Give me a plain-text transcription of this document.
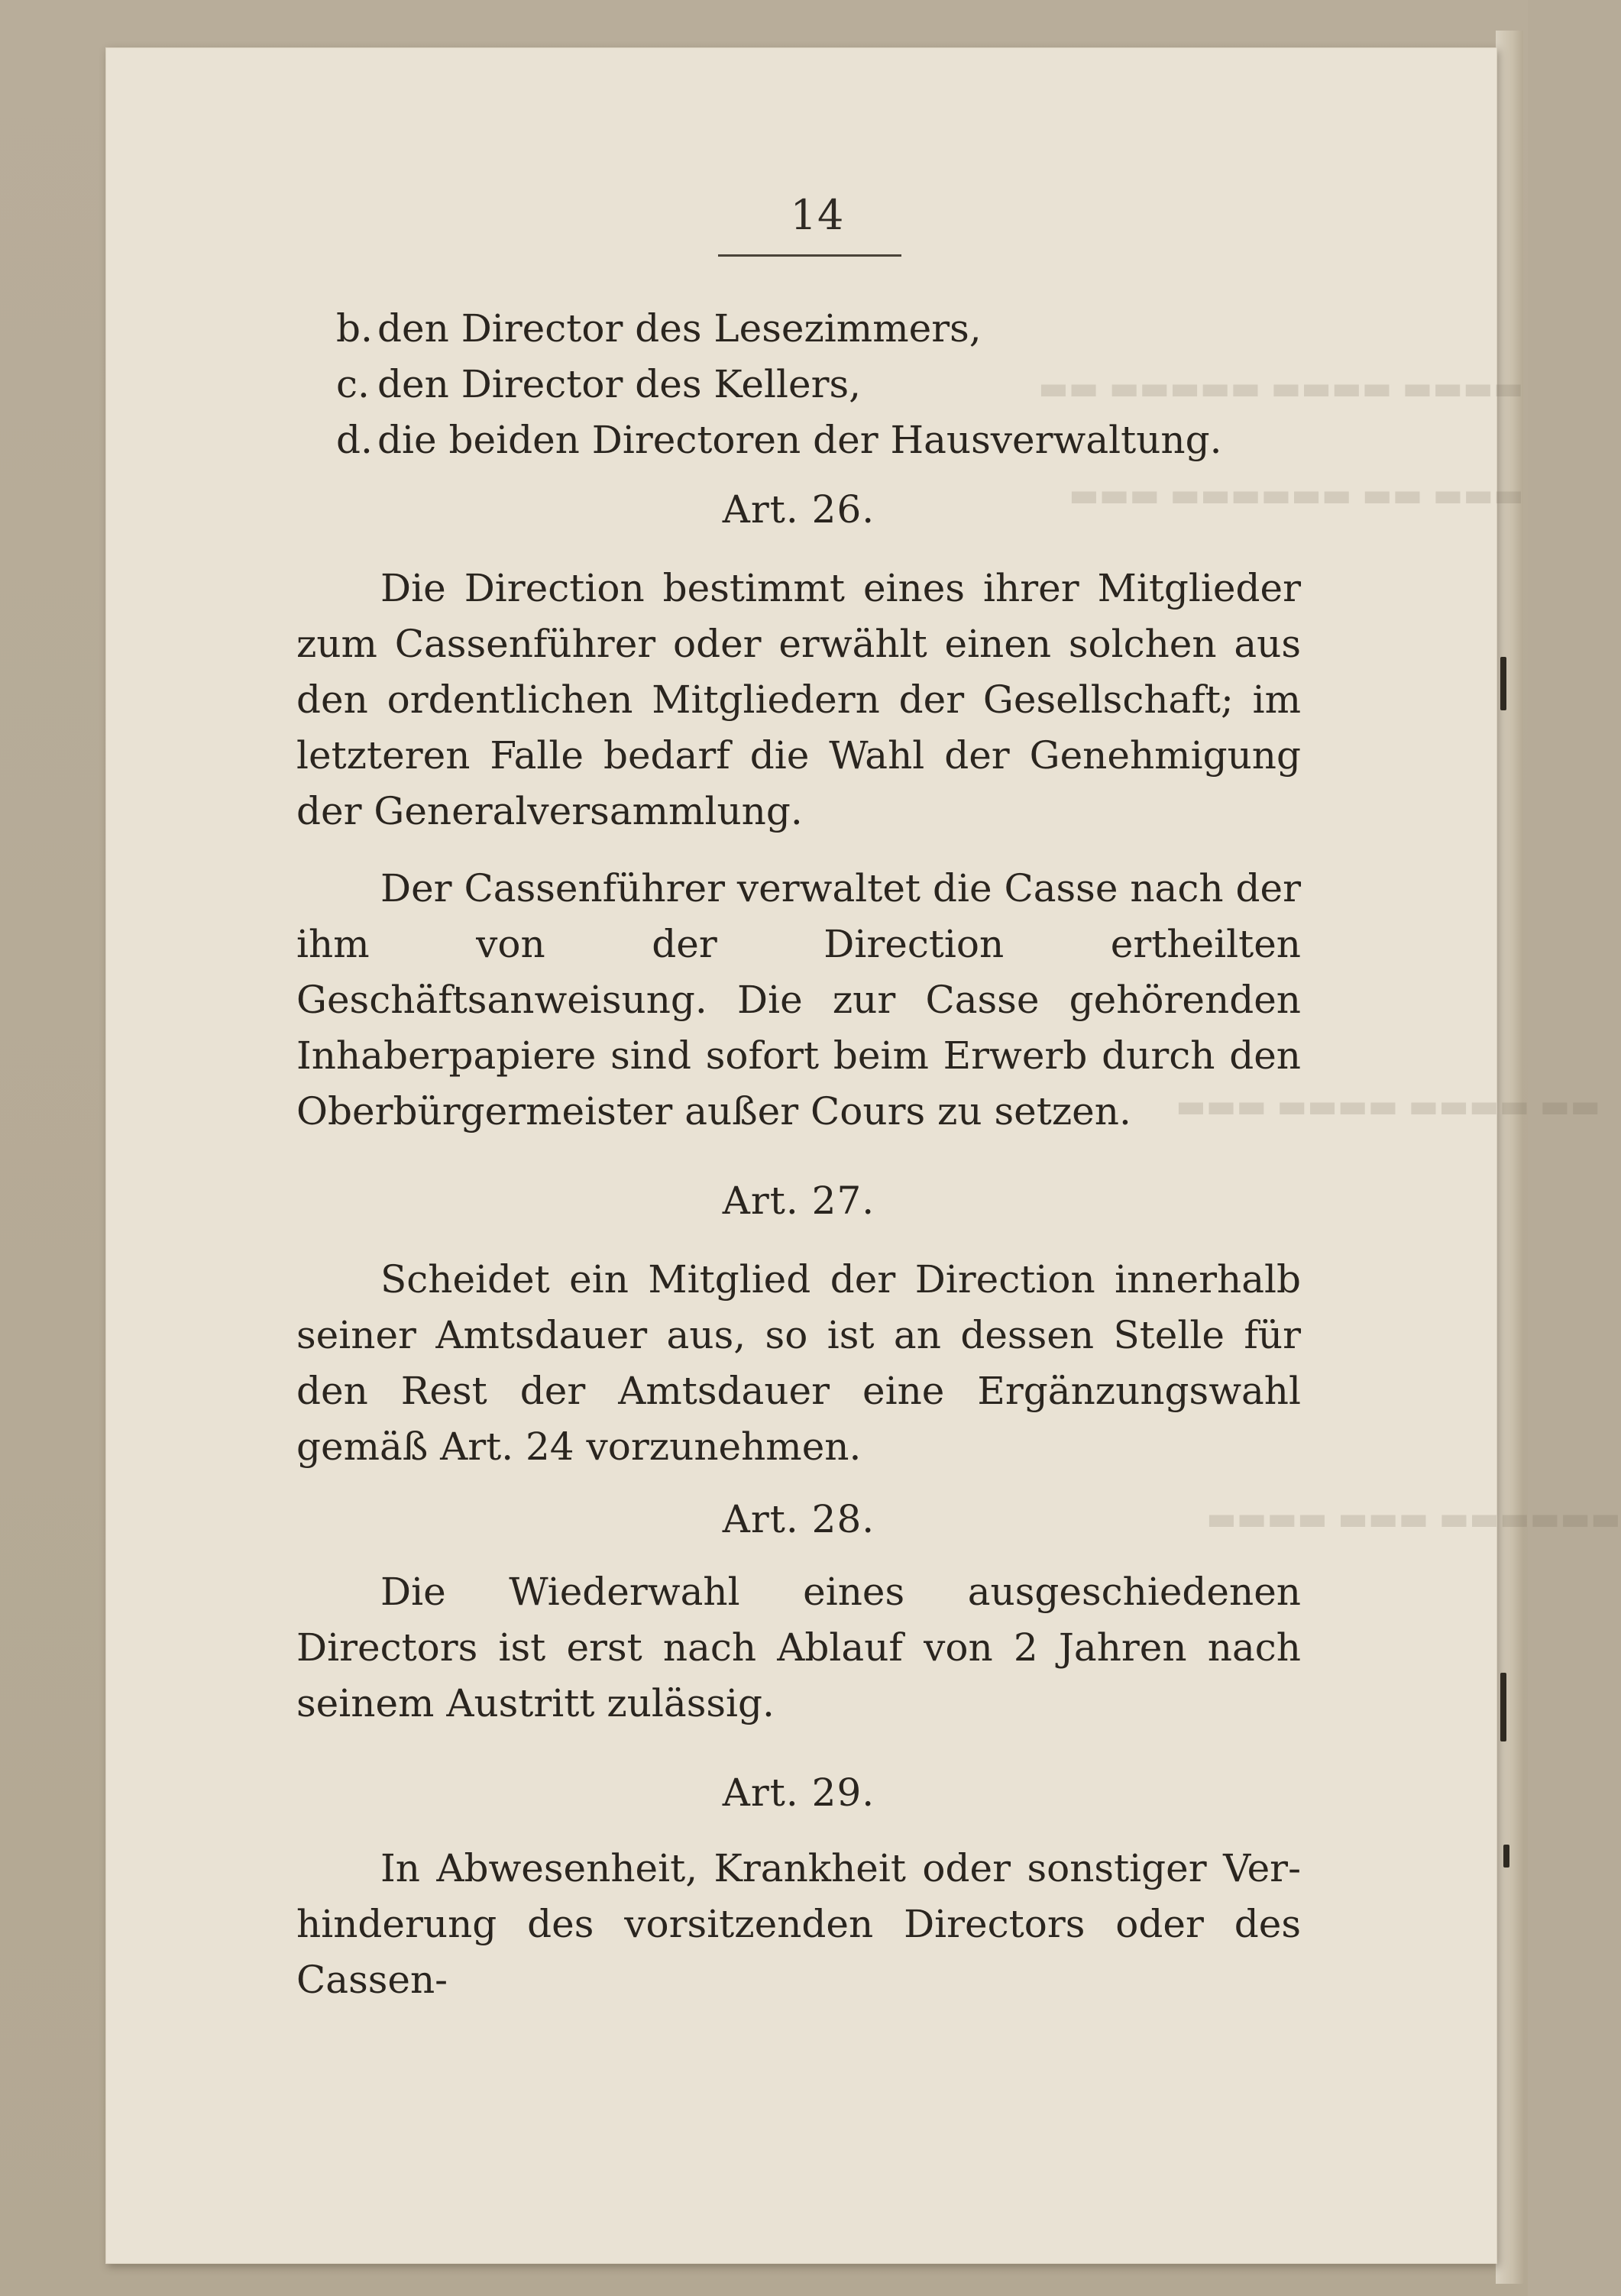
▬▬ ▬▬▬▬▬ ▬▬▬▬ ▬▬▬▬
▬▬▬ ▬▬▬▬▬▬ ▬▬ ▬▬▬
▬▬▬ ▬▬▬▬ ▬▬▬▬ ▬▬
▬▬▬▬ ▬▬▬ ▬▬▬▬▬▬
14
b. den Director des Lesezimmers,
c. den Director des Kellers,
d. die beiden Directoren der Hausverwaltung.
Art. 26.

Die Direction bestimmt eines ihrer Mitglieder zum Cassenführer oder erwählt einen solchen aus den ordentlichen Mitgliedern der Gesellschaft; im letzteren Falle bedarf die Wahl der Genehmigung der Generalversammlung.

Der Cassenführer verwaltet die Casse nach der ihm von der Direction ertheilten Geschäftsanweisung. Die zur Casse gehörenden Inhaberpapiere sind sofort beim Erwerb durch den Oberbürgermeister außer Cours zu setzen.

Art. 27.

Scheidet ein Mitglied der Direction innerhalb seiner Amtsdauer aus, so ist an dessen Stelle für den Rest der Amtsdauer eine Ergänzungswahl gemäß Art. 24 vorzunehmen.

Art. 28.

Die Wiederwahl eines ausgeschiedenen Directors ist erst nach Ablauf von 2 Jahren nach seinem Austritt zulässig.

Art. 29.

In Abwesenheit, Krankheit oder sonstiger Verhinderung des vorsitzenden Directors oder des Cassen-
